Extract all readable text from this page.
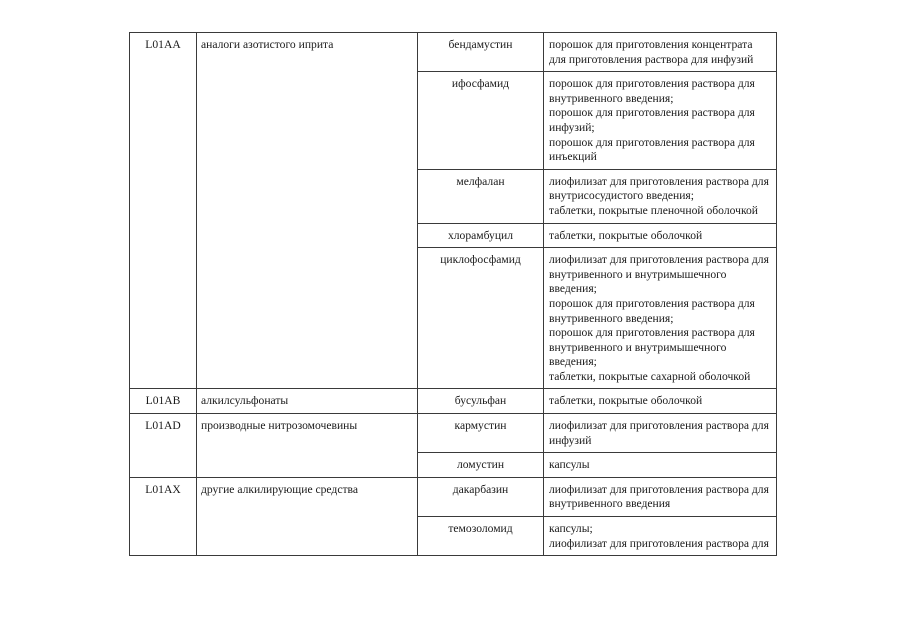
L01AA	аналоги азотистого иприта	бендамустин	порошок для приготовления концентрата для приготовления раствора для инфузий

		ифосфамид	порошок для приготовления раствора для внутривенного введения;
порошок для приготовления раствора для инфузий;
порошок для приготовления раствора для инъекций

		мелфалан	лиофилизат для приготовления раствора для внутрисосудистого введения;
таблетки, покрытые пленочной оболочкой

		хлорамбуцил	таблетки, покрытые оболочкой

		циклофосфамид	лиофилизат для приготовления раствора для внутривенного и внутримышечного введения;
порошок для приготовления раствора для внутривенного введения;
порошок для приготовления раствора для внутривенного и внутримышечного введения;
таблетки, покрытые сахарной оболочкой

L01AB	алкилсульфонаты	бусульфан	таблетки, покрытые оболочкой

L01AD	производные нитрозомочевины	кармустин	лиофилизат для приготовления раствора для инфузий

		ломустин	капсулы

L01AX	другие алкилирующие средства	дакарбазин	лиофилизат для приготовления раствора для внутривенного введения

		темозоломид	капсулы;
лиофилизат для приготовления раствора для
